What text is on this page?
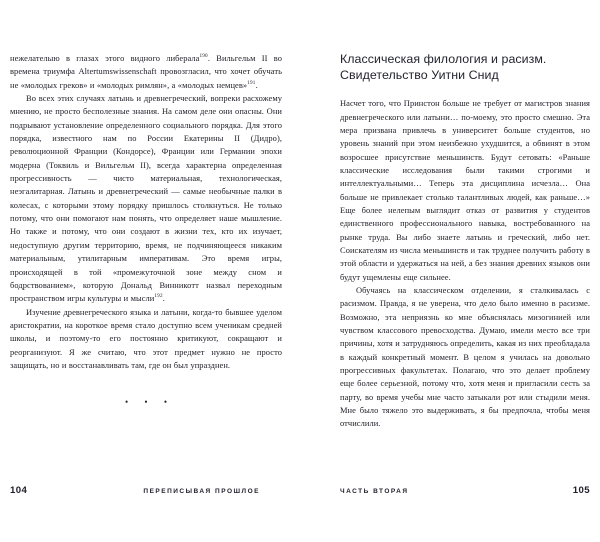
нежелателыю в глазах этого видного либерала$^{190}$. Вильгельм II во времена триумфа Altertumswissenschaft провозгласил, что хочет обучать не «молодых греков» и «молодых римлян», а «молодых немцев»$^{191}$.

Во всех этих случаях латынь и древнегреческий, вопреки расхожему мнению, не просто бесполезные знания. На самом деле они опасны. Они подрывают установление определенного социального порядка. Для этого порядка, известного нам по России Екатерины II (Дидро), революционной Франции (Кондорсе), Франции или Германии эпохи модерна (Токвиль и Вильгельм II), всегда характерна определенная прогрессивность — чисто материальная, технологическая, неэгалитарная. Латынь и древнегреческий — самые необычные палки в колесах, с которыми этому порядку пришлось столкнуться. Не только потому, что они помогают нам понять, что определяет наше мышление. Но также и потому, что они создают в жизни тех, кто их изучает, недоступную другим территорию, время, не подчиняющееся никаким материальным, утилитарным императивам. Это время игры, происходящей в той «промежуточной зоне между сном и бодрствованием», которую Дональд Винникотт назвал переходным пространством игры культуры и мысли$^{192}$.

Изучение древнегреческого языка и латыни, когда-то бывшее уделом аристократии, на короткое время стало доступно всем ученикам средней школы, и поэтому-то его постоянно критикуют, сокращают и реорганизуют. Я же считаю, что этот предмет нужно не просто защищать, но и восстанавливать там, где он был упразднен.

• • •
104	ПЕРЕПИСЫВАЯ ПРОШЛОЕ
Классическая филология и расизм.
Свидетельство Уитни Снид

Насчет того, что Принстон больше не требует от магистров знания древнегреческого или латыни… по-моему, это просто смешно. Эта мера призвана привлечь в университет больше студентов, но уровень знаний при этом неизбежно ухудшится, а обвинят в этом возросшее присутствие меньшинств. Будут сетовать: «Раньше классические исследования были такими строгими и интеллектуальными… Теперь эта дисциплина исчезла… Она больше не привлекает столько талантливых людей, как раньше…» Еще более нелепым выглядит отказ от развития у студентов единственного профессионального навыка, востребованного на рынке труда. Вы либо знаете латынь и греческий, либо нет. Соискателям из числа меньшинств и так труднее получить работу в этой области и удержаться на ней, а без знания древних языков они будут ущемлены еще сильнее.

Обучаясь на классическом отделении, я сталкивалась с расизмом. Правда, я не уверена, что дело было именно в расизме. Возможно, эта неприязнь ко мне объяснялась мизогинией или чувством классового превосходства. Думаю, имели место все три причины, хотя и затрудняюсь определить, какая из них преобладала в каждый конкретный момент. В целом я училась на довольно прогрессивных факультетах. Полагаю, что это делает проблему еще более серьезной, потому что, хотя меня и пригласили сесть за парту, во время учебы мне часто затыкали рот или стыдили меня. Мне было тяжело это выдерживать, я бы предпочла, чтобы меня отчислили.

ЧАСТЬ ВТОРАЯ	105
